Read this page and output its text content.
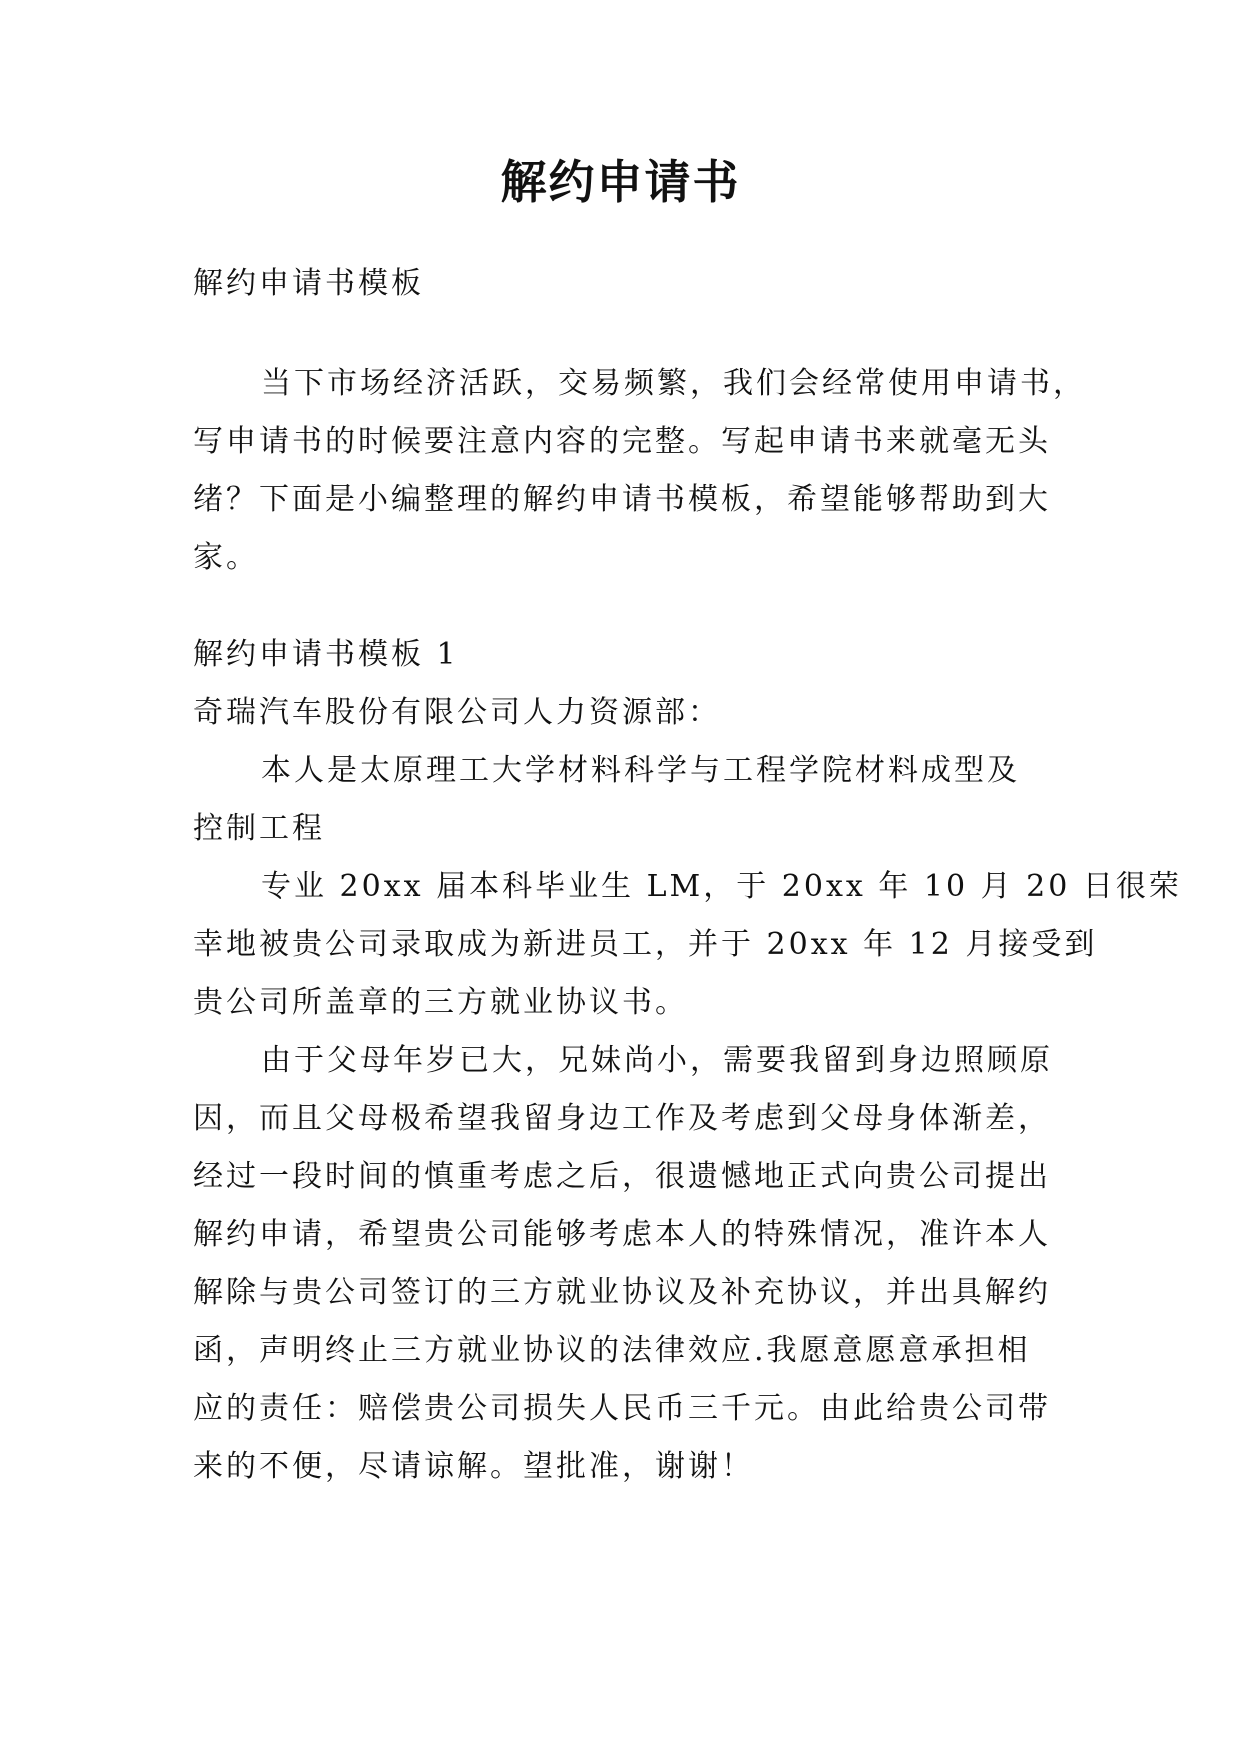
解约申请书
解约申请书模板
当下市场经济活跃，交易频繁，我们会经常使用申请书，
写申请书的时候要注意内容的完整。写起申请书来就毫无头
绪？下面是小编整理的解约申请书模板，希望能够帮助到大
家。
解约申请书模板 1
奇瑞汽车股份有限公司人力资源部：
本人是太原理工大学材料科学与工程学院材料成型及
控制工程
专业 20xx 届本科毕业生 LM，于 20xx 年 10 月 20 日很荣
幸地被贵公司录取成为新进员工，并于 20xx 年 12 月接受到
贵公司所盖章的三方就业协议书。
由于父母年岁已大，兄妹尚小，需要我留到身边照顾原
因，而且父母极希望我留身边工作及考虑到父母身体渐差，
经过一段时间的慎重考虑之后，很遗憾地正式向贵公司提出
解约申请，希望贵公司能够考虑本人的特殊情况，准许本人
解除与贵公司签订的三方就业协议及补充协议，并出具解约
函，声明终止三方就业协议的法律效应.我愿意愿意承担相
应的责任：赔偿贵公司损失人民币三千元。由此给贵公司带
来的不便，尽请谅解。望批准，谢谢！
